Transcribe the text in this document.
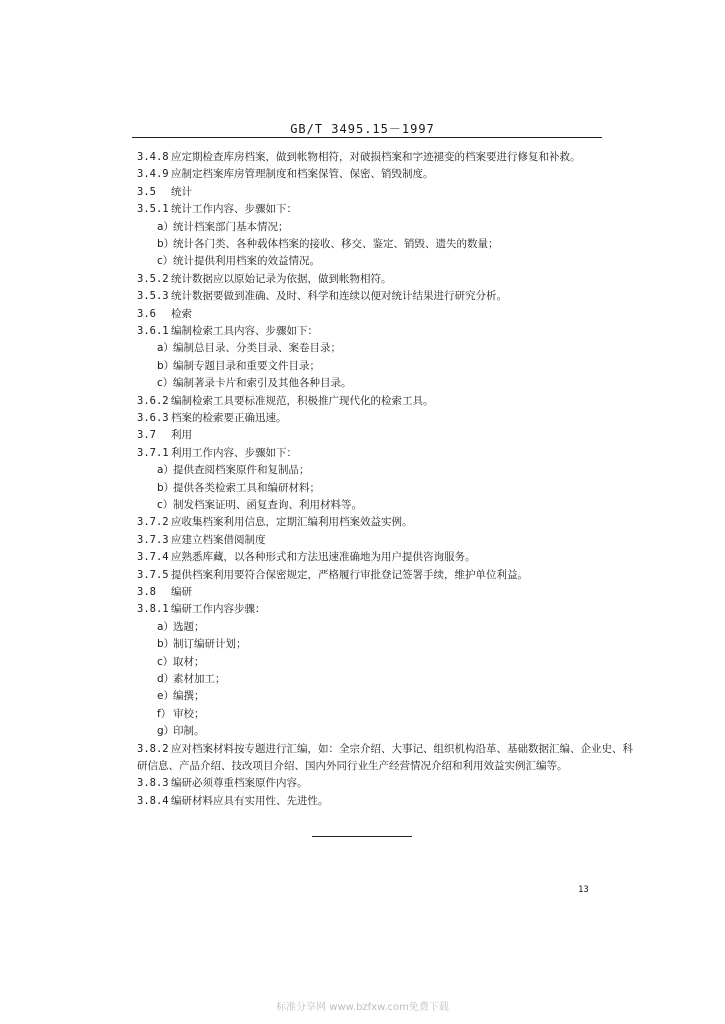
GB/T 3495.15－1997
3.4.8 应定期检查库房档案，做到帐物相符，对破损档案和字迹褪变的档案要进行修复和补救。
3.4.9 应制定档案库房管理制度和档案保管、保密、销毁制度。
3.5 统计
3.5.1 统计工作内容、步骤如下：
a）统计档案部门基本情况；
b）统计各门类、各种载体档案的接收、移交、鉴定、销毁、遗失的数量；
c）统计提供利用档案的效益情况。
3.5.2 统计数据应以原始记录为依据，做到帐物相符。
3.5.3 统计数据要做到准确、及时、科学和连续以便对统计结果进行研究分析。
3.6 检索
3.6.1 编制检索工具内容、步骤如下：
a）编制总目录、分类目录、案卷目录；
b）编制专题目录和重要文件目录；
c）编制著录卡片和索引及其他各种目录。
3.6.2 编制检索工具要标准规范，积极推广现代化的检索工具。
3.6.3 档案的检索要正确迅速。
3.7 利用
3.7.1 利用工作内容、步骤如下：
a）提供查阅档案原件和复制品；
b）提供各类检索工具和编研材料；
c）制发档案证明、函复查询、利用材料等。
3.7.2 应收集档案利用信息，定期汇编利用档案效益实例。
3.7.3 应建立档案借阅制度
3.7.4 应熟悉库藏，以各种形式和方法迅速准确地为用户提供咨询服务。
3.7.5 提供档案利用要符合保密规定，严格履行审批登记签署手续，维护单位利益。
3.8 编研
3.8.1 编研工作内容步骤：
a）选题；
b）制订编研计划；
c）取材；
d）素材加工；
e）编撰；
f） 审校；
g）印制。
3.8.2 应对档案材料按专题进行汇编，如：全宗介绍、大事记、组织机构沿革、基础数据汇编、企业史、科
研信息、产品介绍、技改项目介绍、国内外同行业生产经营情况介绍和利用效益实例汇编等。
3.8.3 编研必须尊重档案原件内容。
3.8.4 编研材料应具有实用性、先进性。
13
标准分享网 www.bzfxw.com免费下载
